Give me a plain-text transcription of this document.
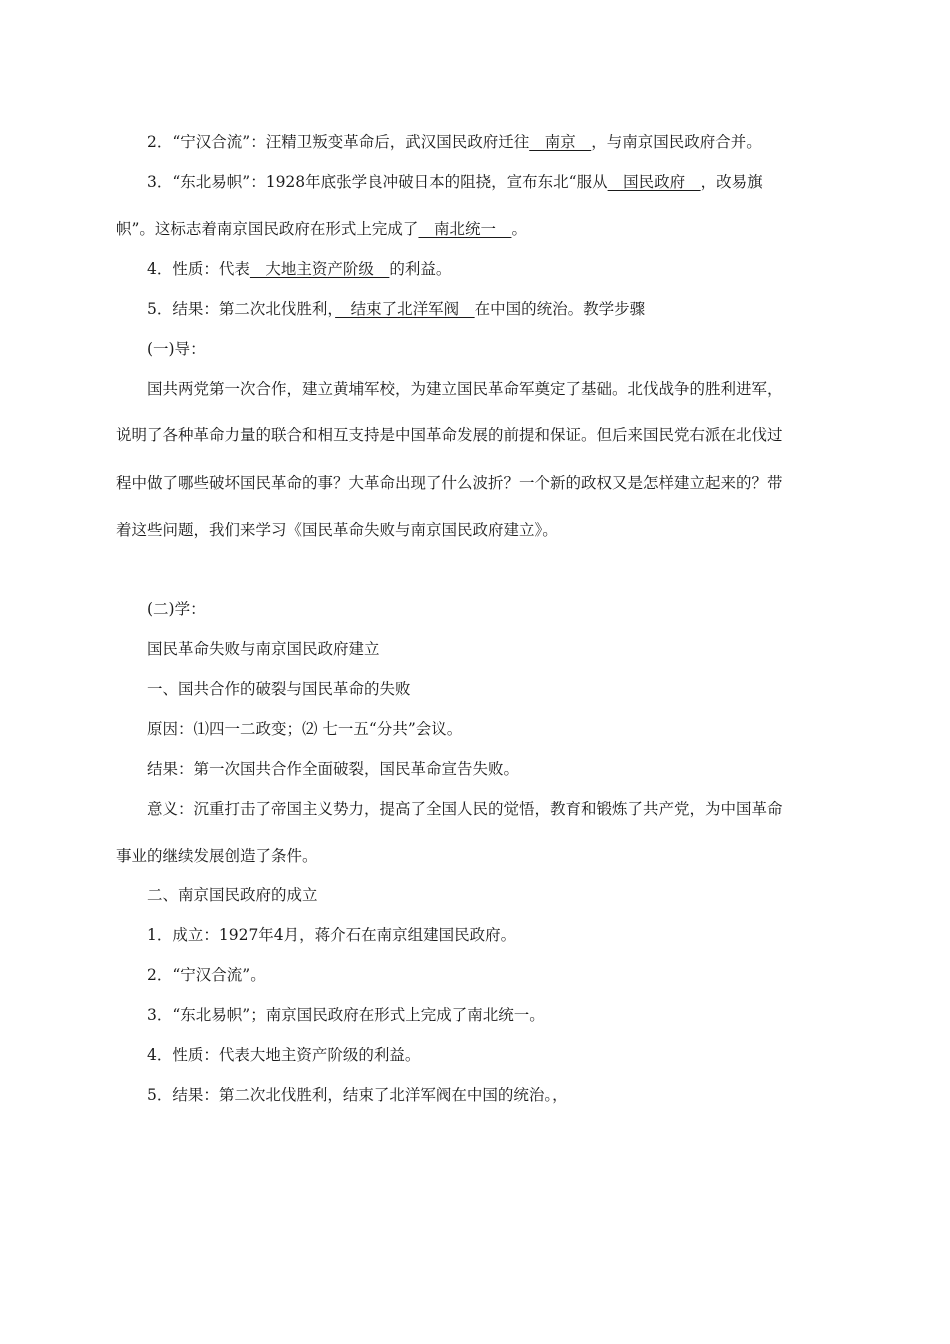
2．“宁汉合流”：汪精卫叛变革命后，武汉国民政府迁往　南京　，与南京国民政府合并。
3．“东北易帜”：1928年底张学良冲破日本的阻挠，宣布东北“服从　国民政府　，改易旗
帜”。这标志着南京国民政府在形式上完成了　南北统一　。
4．性质：代表　大地主资产阶级　的利益。
5．结果：第二次北伐胜利，　结束了北洋军阀　在中国的统治。教学步骤
(一)导：
国共两党第一次合作，建立黄埔军校，为建立国民革命军奠定了基础。北伐战争的胜利进军，
说明了各种革命力量的联合和相互支持是中国革命发展的前提和保证。但后来国民党右派在北伐过
程中做了哪些破坏国民革命的事？大革命出现了什么波折？一个新的政权又是怎样建立起来的？带
着这些问题，我们来学习《国民革命失败与南京国民政府建立》。
(二)学：
国民革命失败与南京国民政府建立
一、国共合作的破裂与国民革命的失败
原因：⑴四一二政变；⑵ 七一五“分共”会议。
结果：第一次国共合作全面破裂，国民革命宣告失败。
意义：沉重打击了帝国主义势力，提高了全国人民的觉悟，教育和锻炼了共产党，为中国革命
事业的继续发展创造了条件。
二、南京国民政府的成立
1．成立：1927年4月，蒋介石在南京组建国民政府。
2．“宁汉合流”。
3．“东北易帜”；南京国民政府在形式上完成了南北统一。
4．性质：代表大地主资产阶级的利益。
5．结果：第二次北伐胜利，结束了北洋军阀在中国的统治。，
